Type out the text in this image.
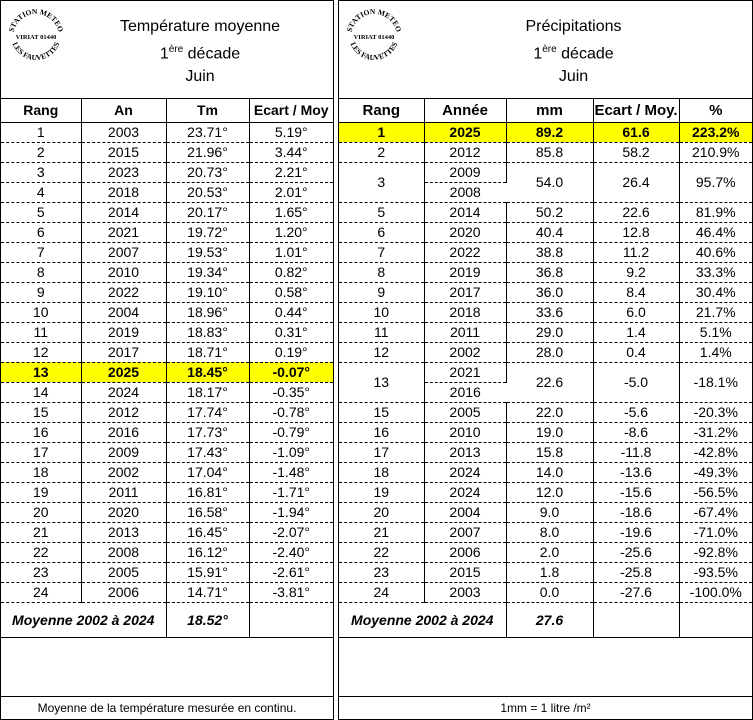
STATION METEO
VIRIAT 01440
LES FAUVETTES
Température moyenne
1ère décade
Juin
Rang	An	Tm	Ecart / Moy
1	2003	23.71°	5.19°
2	2015	21.96°	3.44°
3	2023	20.73°	2.21°
4	2018	20.53°	2.01°
5	2014	20.17°	1.65°
6	2021	19.72°	1.20°
7	2007	19.53°	1.01°
8	2010	19.34°	0.82°
9	2022	19.10°	0.58°
10	2004	18.96°	0.44°
11	2019	18.83°	0.31°
12	2017	18.71°	0.19°
13	2025	18.45°	-0.07°
14	2024	18.17°	-0.35°
15	2012	17.74°	-0.78°
16	2016	17.73°	-0.79°
17	2009	17.43°	-1.09°
18	2002	17.04°	-1.48°
19	2011	16.81°	-1.71°
20	2020	16.58°	-1.94°
21	2013	16.45°	-2.07°
22	2008	16.12°	-2.40°
23	2005	15.91°	-2.61°
24	2006	14.71°	-3.81°
Moyenne 2002 à 2024		18.52°	
Moyenne de la température mesurée en continu.
STATION METEO
VIRIAT 01440
LES FAUVETTES
Précipitations
1ère décade
Juin
Rang	Année	mm	Ecart / Moy.	%
1	2025	89.2	61.6	223.2%
2	2012	85.8	58.2	210.9%
3	2009	54.0	26.4	95.7%
	2008			
5	2014	50.2	22.6	81.9%
6	2020	40.4	12.8	46.4%
7	2022	38.8	11.2	40.6%
8	2019	36.8	9.2	33.3%
9	2017	36.0	8.4	30.4%
10	2018	33.6	6.0	21.7%
11	2011	29.0	1.4	5.1%
12	2002	28.0	0.4	1.4%
13	2021	22.6	-5.0	-18.1%
	2016			
15	2005	22.0	-5.6	-20.3%
16	2010	19.0	-8.6	-31.2%
17	2013	15.8	-11.8	-42.8%
18	2024	14.0	-13.6	-49.3%
19	2024	12.0	-15.6	-56.5%
20	2004	9.0	-18.6	-67.4%
21	2007	8.0	-19.6	-71.0%
22	2006	2.0	-25.6	-92.8%
23	2015	1.8	-25.8	-93.5%
24	2003	0.0	-27.6	-100.0%
Moyenne 2002 à 2024		27.6		
1mm = 1 litre /m²
